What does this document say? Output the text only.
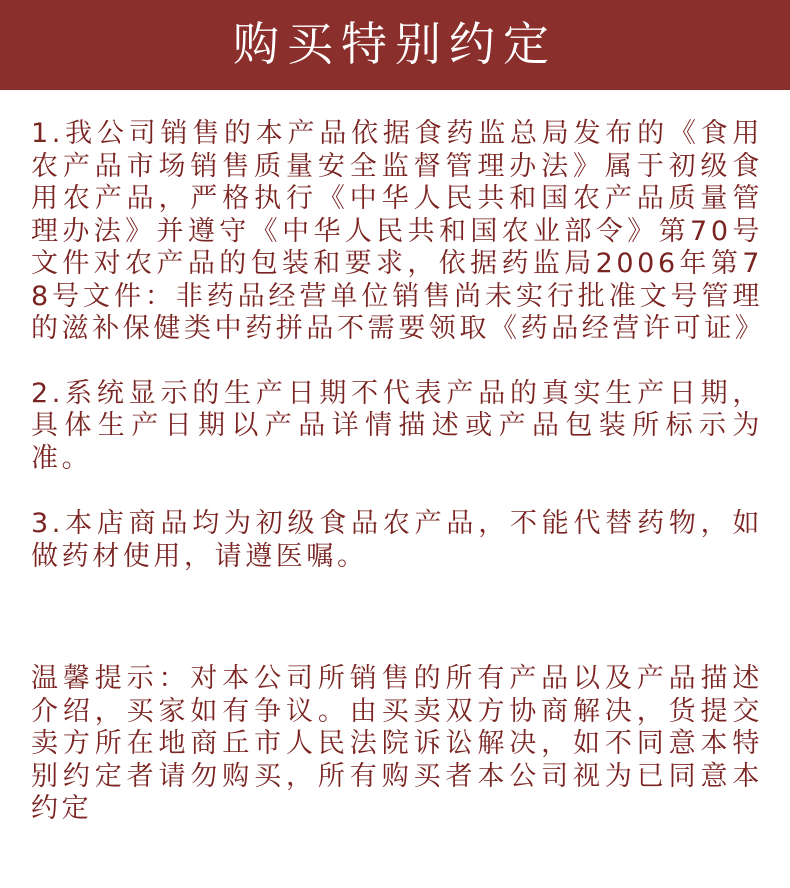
购买特别约定

1.我公司销售的本产品依据食药监总局发布的《食用农产品市场销售质量安全监督管理办法》属于初级食用农产品，严格执行《中华人民共和国农产品质量管理办法》并遵守《中华人民共和国农业部令》第70号文件对农产品的包装和要求，依据药监局2006年第78号文件：非药品经营单位销售尚未实行批准文号管理的滋补保健类中药拼品不需要领取《药品经营许可证》

2.系统显示的生产日期不代表产品的真实生产日期，具体生产日期以产品详情描述或产品包装所标示为准。

3.本店商品均为初级食品农产品，不能代替药物，如做药材使用，请遵医嘱。

温馨提示：对本公司所销售的所有产品以及产品描述介绍，买家如有争议。由买卖双方协商解决，货提交卖方所在地商丘市人民法院诉讼解决，如不同意本特别约定者请勿购买，所有购买者本公司视为已同意本约定
